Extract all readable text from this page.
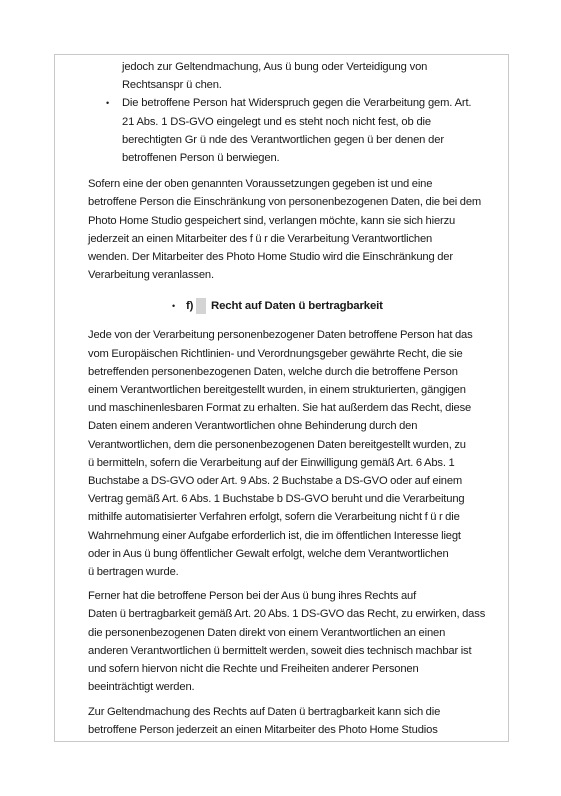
jedoch zur Geltendmachung, Aus ü bung oder Verteidigung von
Rechtsanspr ü chen.
• Die betroffene Person hat Widerspruch gegen die Verarbeitung gem. Art.
21 Abs. 1 DS-GVO eingelegt und es steht noch nicht fest, ob die
berechtigten Gr ü nde des Verantwortlichen gegen ü ber denen der
betroffenen Person ü berwiegen.
Sofern eine der oben genannten Voraussetzungen gegeben ist und eine
betroffene Person die Einschränkung von personenbezogenen Daten, die bei dem
Photo Home Studio gespeichert sind, verlangen möchte, kann sie sich hierzu
jederzeit an einen Mitarbeiter des f ü r die Verarbeitung Verantwortlichen
wenden. Der Mitarbeiter des Photo Home Studio wird die Einschränkung der
Verarbeitung veranlassen.
• f) Recht auf Daten ü bertragbarkeit
Jede von der Verarbeitung personenbezogener Daten betroffene Person hat das
vom Europäischen Richtlinien- und Verordnungsgeber gewährte Recht, die sie
betreffenden personenbezogenen Daten, welche durch die betroffene Person
einem Verantwortlichen bereitgestellt wurden, in einem strukturierten, gängigen
und maschinenlesbaren Format zu erhalten. Sie hat außerdem das Recht, diese
Daten einem anderen Verantwortlichen ohne Behinderung durch den
Verantwortlichen, dem die personenbezogenen Daten bereitgestellt wurden, zu
ü bermitteln, sofern die Verarbeitung auf der Einwilligung gemäß Art. 6 Abs. 1
Buchstabe a DS-GVO oder Art. 9 Abs. 2 Buchstabe a DS-GVO oder auf einem
Vertrag gemäß Art. 6 Abs. 1 Buchstabe b DS-GVO beruht und die Verarbeitung
mithilfe automatisierter Verfahren erfolgt, sofern die Verarbeitung nicht f ü r die
Wahrnehmung einer Aufgabe erforderlich ist, die im öffentlichen Interesse liegt
oder in Aus ü bung öffentlicher Gewalt erfolgt, welche dem Verantwortlichen
ü bertragen wurde.
Ferner hat die betroffene Person bei der Aus ü bung ihres Rechts auf
Daten ü bertragbarkeit gemäß Art. 20 Abs. 1 DS-GVO das Recht, zu erwirken, dass
die personenbezogenen Daten direkt von einem Verantwortlichen an einen
anderen Verantwortlichen ü bermittelt werden, soweit dies technisch machbar ist
und sofern hiervon nicht die Rechte und Freiheiten anderer Personen
beeinträchtigt werden.
Zur Geltendmachung des Rechts auf Daten ü bertragbarkeit kann sich die
betroffene Person jederzeit an einen Mitarbeiter des Photo Home Studios
